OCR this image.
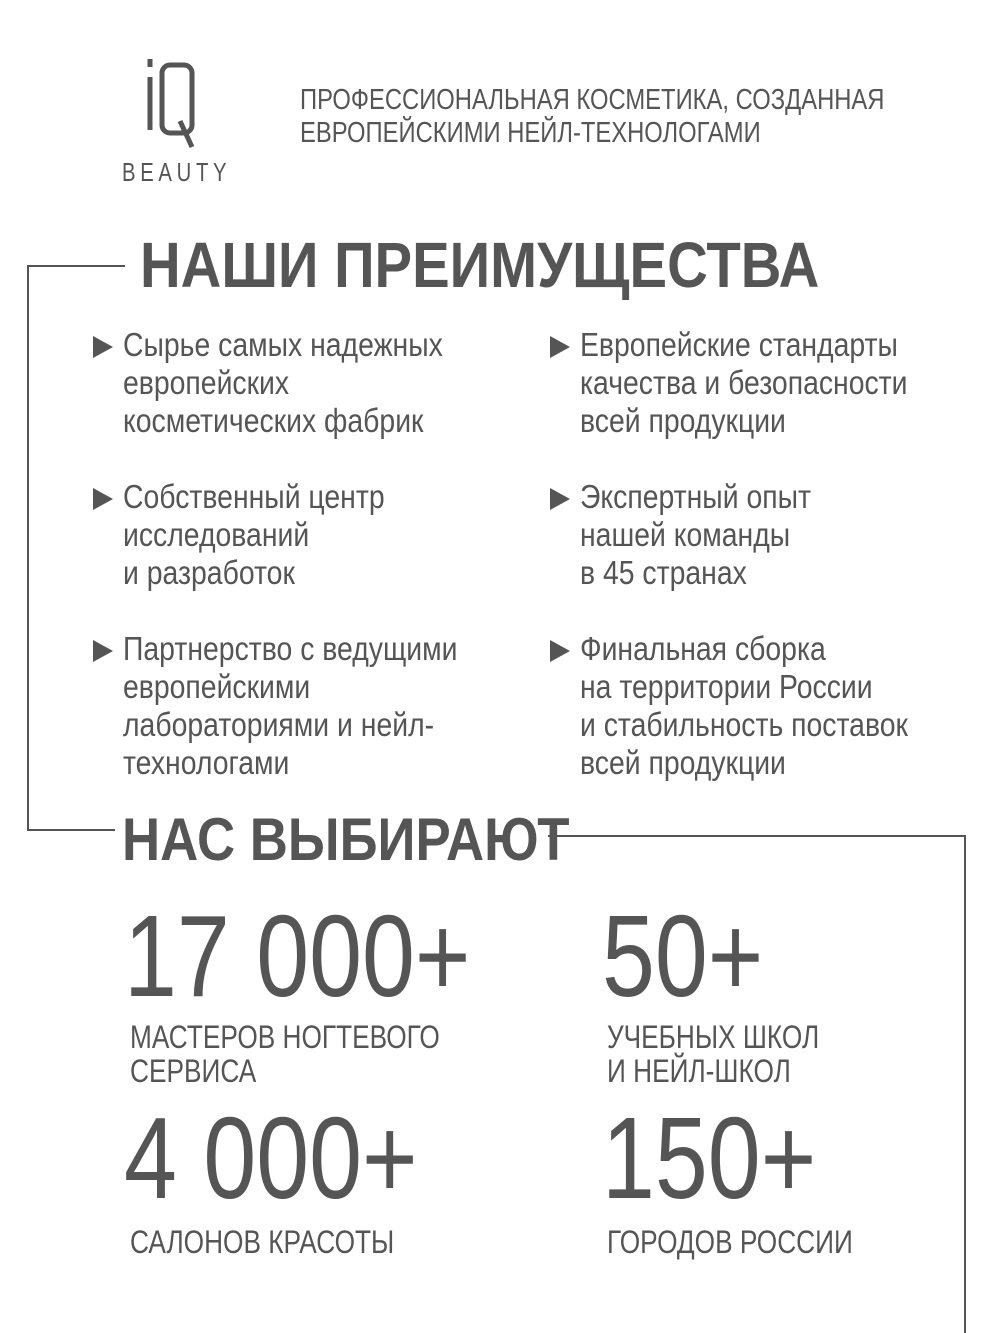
BEAUTY
ПРОФЕССИОНАЛЬНАЯ КОСМЕТИКА, СОЗДАННАЯ
ЕВРОПЕЙСКИМИ НЕЙЛ-ТЕХНОЛОГАМИ
НАШИ ПРЕИМУЩЕСТВА
Сырье самых надежных
европейских
косметических фабрик
Европейские стандарты
качества и безопасности
всей продукции
Собственный центр
исследований
и разработок
Экспертный опыт
нашей команды
в 45 странах
Партнерство с ведущими
европейскими
лабораториями и нейл-
технологами
Финальная сборка
на территории России
и стабильность поставок
всей продукции
НАС ВЫБИРАЮТ
17 000+
МАСТЕРОВ НОГТЕВОГО
СЕРВИСА
50+
УЧЕБНЫХ ШКОЛ
И НЕЙЛ-ШКОЛ
4 000+
САЛОНОВ КРАСОТЫ
150+
ГОРОДОВ РОССИИ
